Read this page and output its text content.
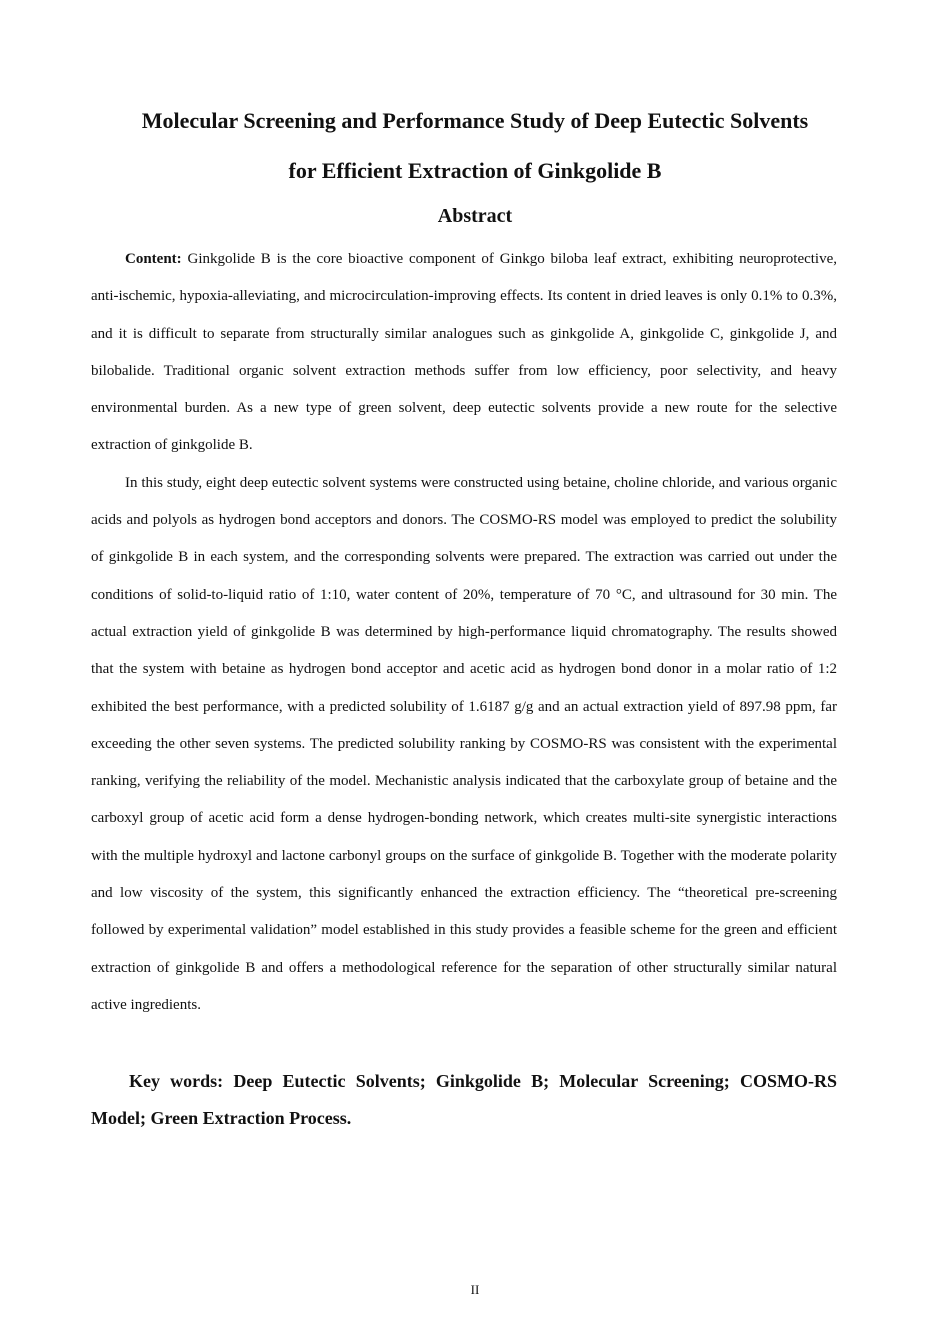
Molecular Screening and Performance Study of Deep Eutectic Solvents

for Efficient Extraction of Ginkgolide B

Abstract

Content: Ginkgolide B is the core bioactive component of Ginkgo biloba leaf extract, exhibiting neuroprotective, anti-ischemic, hypoxia-alleviating, and microcirculation-improving effects. Its content in dried leaves is only 0.1% to 0.3%, and it is difficult to separate from structurally similar analogues such as ginkgolide A, ginkgolide C, ginkgolide J, and bilobalide. Traditional organic solvent extraction methods suffer from low efficiency, poor selectivity, and heavy environmental burden. As a new type of green solvent, deep eutectic solvents provide a new route for the selective extraction of ginkgolide B.

In this study, eight deep eutectic solvent systems were constructed using betaine, choline chloride, and various organic acids and polyols as hydrogen bond acceptors and donors. The COSMO-RS model was employed to predict the solubility of ginkgolide B in each system, and the corresponding solvents were prepared. The extraction was carried out under the conditions of solid-to-liquid ratio of 1:10, water content of 20%, temperature of 70 °C, and ultrasound for 30 min. The actual extraction yield of ginkgolide B was determined by high-performance liquid chromatography. The results showed that the system with betaine as hydrogen bond acceptor and acetic acid as hydrogen bond donor in a molar ratio of 1:2 exhibited the best performance, with a predicted solubility of 1.6187 g/g and an actual extraction yield of 897.98 ppm, far exceeding the other seven systems. The predicted solubility ranking by COSMO-RS was consistent with the experimental ranking, verifying the reliability of the model. Mechanistic analysis indicated that the carboxylate group of betaine and the carboxyl group of acetic acid form a dense hydrogen-bonding network, which creates multi-site synergistic interactions with the multiple hydroxyl and lactone carbonyl groups on the surface of ginkgolide B. Together with the moderate polarity and low viscosity of the system, this significantly enhanced the extraction efficiency. The “theoretical pre-screening followed by experimental validation” model established in this study provides a feasible scheme for the green and efficient extraction of ginkgolide B and offers a methodological reference for the separation of other structurally similar natural active ingredients.

Key words: Deep Eutectic Solvents; Ginkgolide B; Molecular Screening; COSMO-RS Model; Green Extraction Process.

II
